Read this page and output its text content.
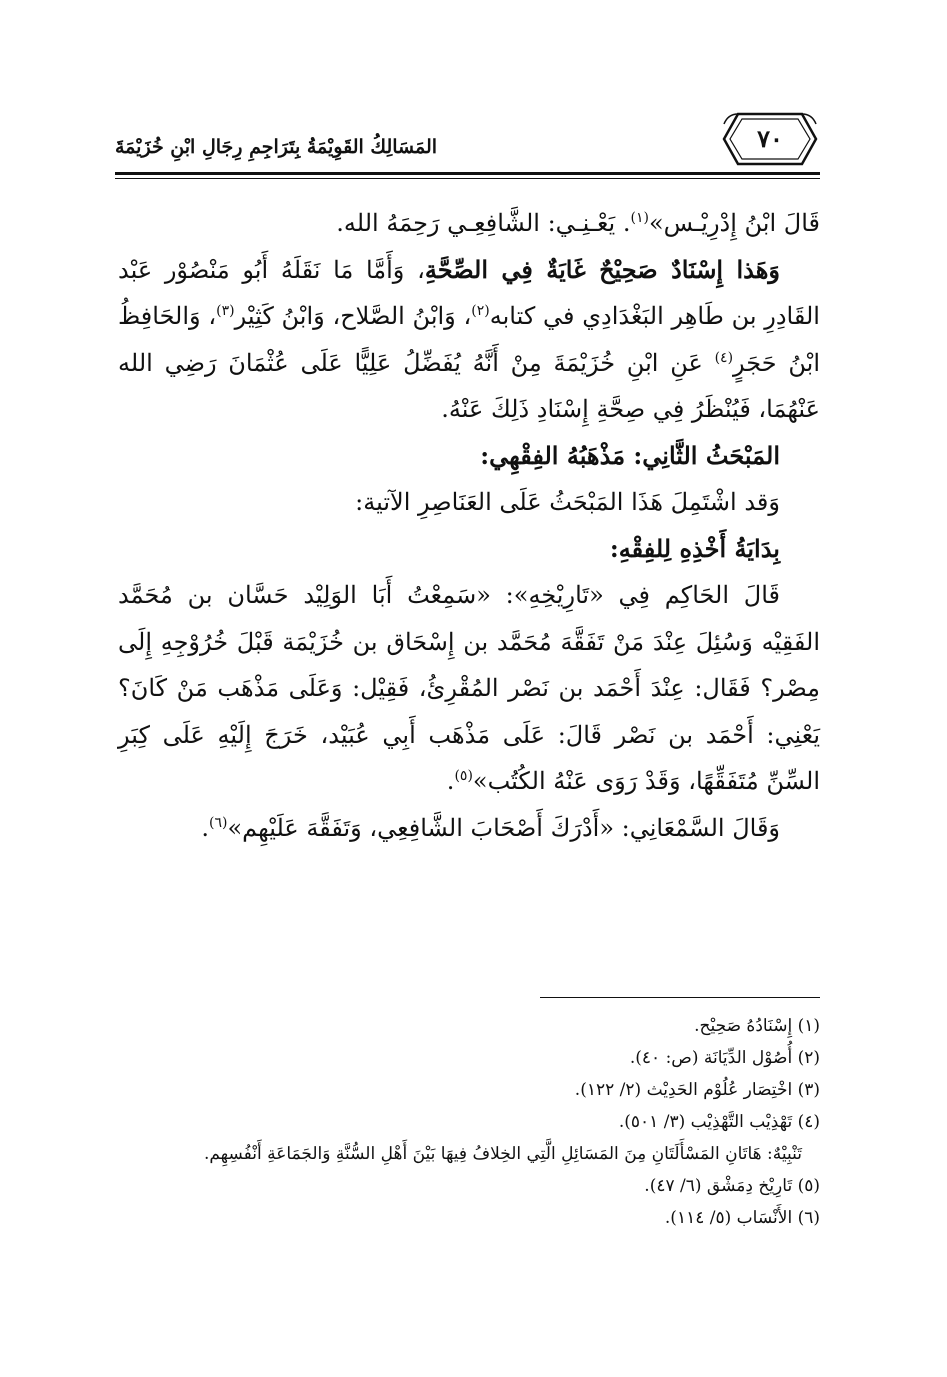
المَسَالِكُ القَوِيْمَةُ بِتَرَاجِمِ رِجَالِ ابْنِ خُزَيْمَةَ	٧٠

قَالَ ابْنُ إِدْرِيْـس»$^{(١)}$. يَعْـنِـي: الشَّافِعِـي رَحِمَهُ الله.

وَهَذا إِسْنَادٌ صَحِيْحٌ غَايَةٌ فِي الصِّحَّةِ، وَأَمَّا مَا نَقَلَهُ أَبُو مَنْصُوْر عَبْد القَادِرِ بن طَاهِر البَغْدَادِي في كتابه$^{(٢)}$، وَابْنُ الصَّلاح، وَابْنُ كَثِيْر$^{(٣)}$، وَالحَافِظُ ابْنُ حَجَرٍ$^{(٤)}$ عَنِ ابْنِ خُزَيْمَةَ مِنْ أَنَّهُ يُفَضِّلُ عَلِيًّا عَلَى عُثْمَانَ رَضِي الله عَنْهُمَا، فَيُنْظَرُ فِي صِحَّةِ إِسْنَادِ ذَلِكَ عَنْهُ.

المَبْحَثُ الثَّانِي: مَذْهَبُهُ الفِقْهِي:

وَقد اشْتَمِلَ هَذَا المَبْحَثُ عَلَى العَنَاصِرِ الآتية:

بِدَايَةُ أَخْذِهِ لِلفِقْهِ:

قَالَ الحَاكِم فِي «تَارِيْخِهِ»: «سَمِعْتُ أَبَا الوَلِيْد حَسَّان بن مُحَمَّد الفَقِيْه وَسُئِلَ عِنْدَ مَنْ تَفَقَّهَ مُحَمَّد بن إِسْحَاق بن خُزَيْمَة قَبْلَ خُرُوْجِهِ إِلَى مِصْر؟ فَقَال: عِنْدَ أَحْمَد بن نَصْر المُقْرِئُ، فَقِيْل: وَعَلَى مَذْهَب مَنْ كَانَ؟ يَعْنِي: أَحْمَد بن نَصْر قَالَ: عَلَى مَذْهَب أَبِي عُبَيْد، خَرَجَ إِلَيْهِ عَلَى كِبَرِ السِّنِّ مُتَفَقِّهًا، وَقَدْ رَوَى عَنْهُ الكُتُب»$^{(٥)}$.

وَقَالَ السَّمْعَانِي: «أَدْرَكَ أَصْحَابَ الشَّافِعِي، وَتَفَقَّهَ عَلَيْهِم»$^{(٦)}$.

(١) إِسْنَادُهُ صَحِيْح.
(٢) أُصُوْل الدِّيَانَة (ص: ٤٠).
(٣) اخْتِصَار عُلُوْم الحَدِيْث (٢/ ١٢٢).
(٤) تَهْذِيْب التَّهْذِيْب (٣/ ٥٠١).
تَنْبِيْهٌ: هَاتَانِ المَسْأَلَتَانِ مِنَ المَسَائِلِ الَّتِي الخِلافُ فِيهَا بَيْنَ أَهْلِ السُّنَّةِ وَالجَمَاعَةِ أَنْفُسِهِم.
(٥) تَارِيْخ دِمَشْق (٦/ ٤٧).
(٦) الأَنْسَاب (٥/ ١١٤).
